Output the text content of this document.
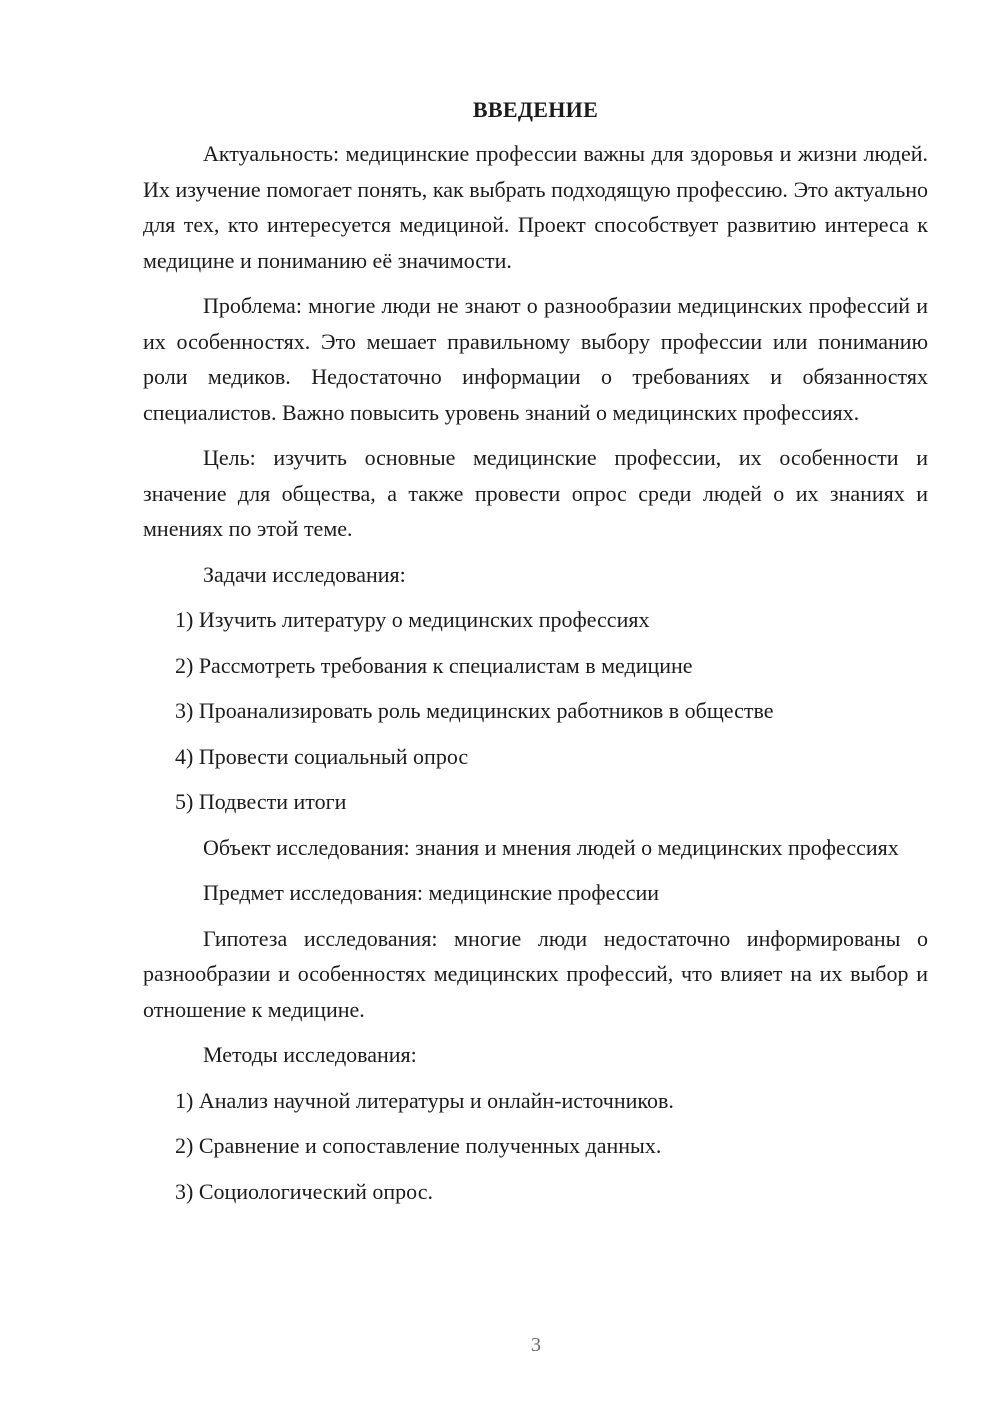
ВВЕДЕНИЕ

Актуальность: медицинские профессии важны для здоровья и жизни людей. Их изучение помогает понять, как выбрать подходящую профессию. Это актуально для тех, кто интересуется медициной. Проект способствует развитию интереса к медицине и пониманию её значимости.

Проблема: многие люди не знают о разнообразии медицинских профессий и их особенностях. Это мешает правильному выбору профессии или пониманию роли медиков. Недостаточно информации о требованиях и обязанностях специалистов. Важно повысить уровень знаний о медицинских профессиях.

Цель: изучить основные медицинские профессии, их особенности и значение для общества, а также провести опрос среди людей о их знаниях и мнениях по этой теме.

Задачи исследования:

1) Изучить литературу о медицинских профессиях
2) Рассмотреть требования к специалистам в медицине
3) Проанализировать роль медицинских работников в обществе
4) Провести социальный опрос
5) Подвести итоги

Объект исследования: знания и мнения людей о медицинских профессиях

Предмет исследования: медицинские профессии

Гипотеза исследования: многие люди недостаточно информированы о разнообразии и особенностях медицинских профессий, что влияет на их выбор и отношение к медицине.

Методы исследования:

1) Анализ научной литературы и онлайн-источников.
2) Сравнение и сопоставление полученных данных.
3) Социологический опрос.
3
